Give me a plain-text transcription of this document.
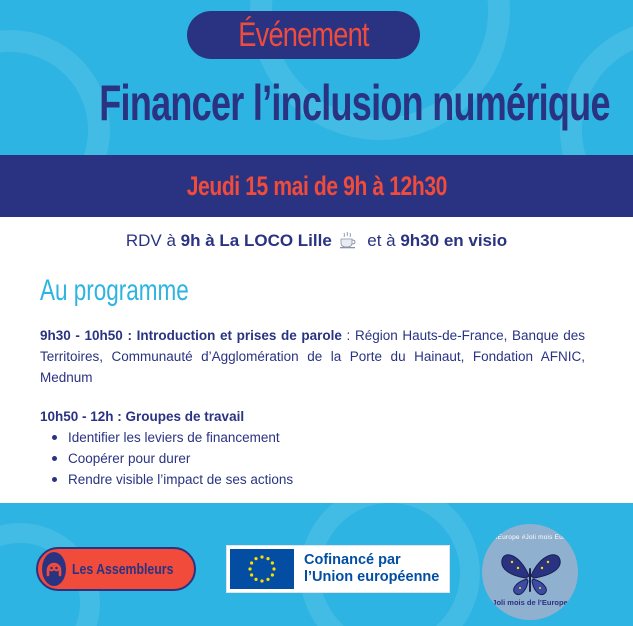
Événement
Financer l’inclusion numérique
Jeudi 15 mai de 9h à 12h30
RDV à 9h à La LOCO Lille  et à 9h30 en visio
Au programme

9h30 - 10h50 : Introduction et prises de parole : Région Hauts-de-France, Banque des Territoires, Communauté d’Agglomération de la Porte du Hainaut, Fondation AFNIC, Mednum

10h50 - 12h : Groupes de travail
Identifier les leviers de financement
Coopérer pour durer
Rendre visible l’impact de ses actions
Les Assembleurs
Cofinancé par
l’Union européenne
#JoliEurope #Joli mois Europe
Joli mois de l’Europe
